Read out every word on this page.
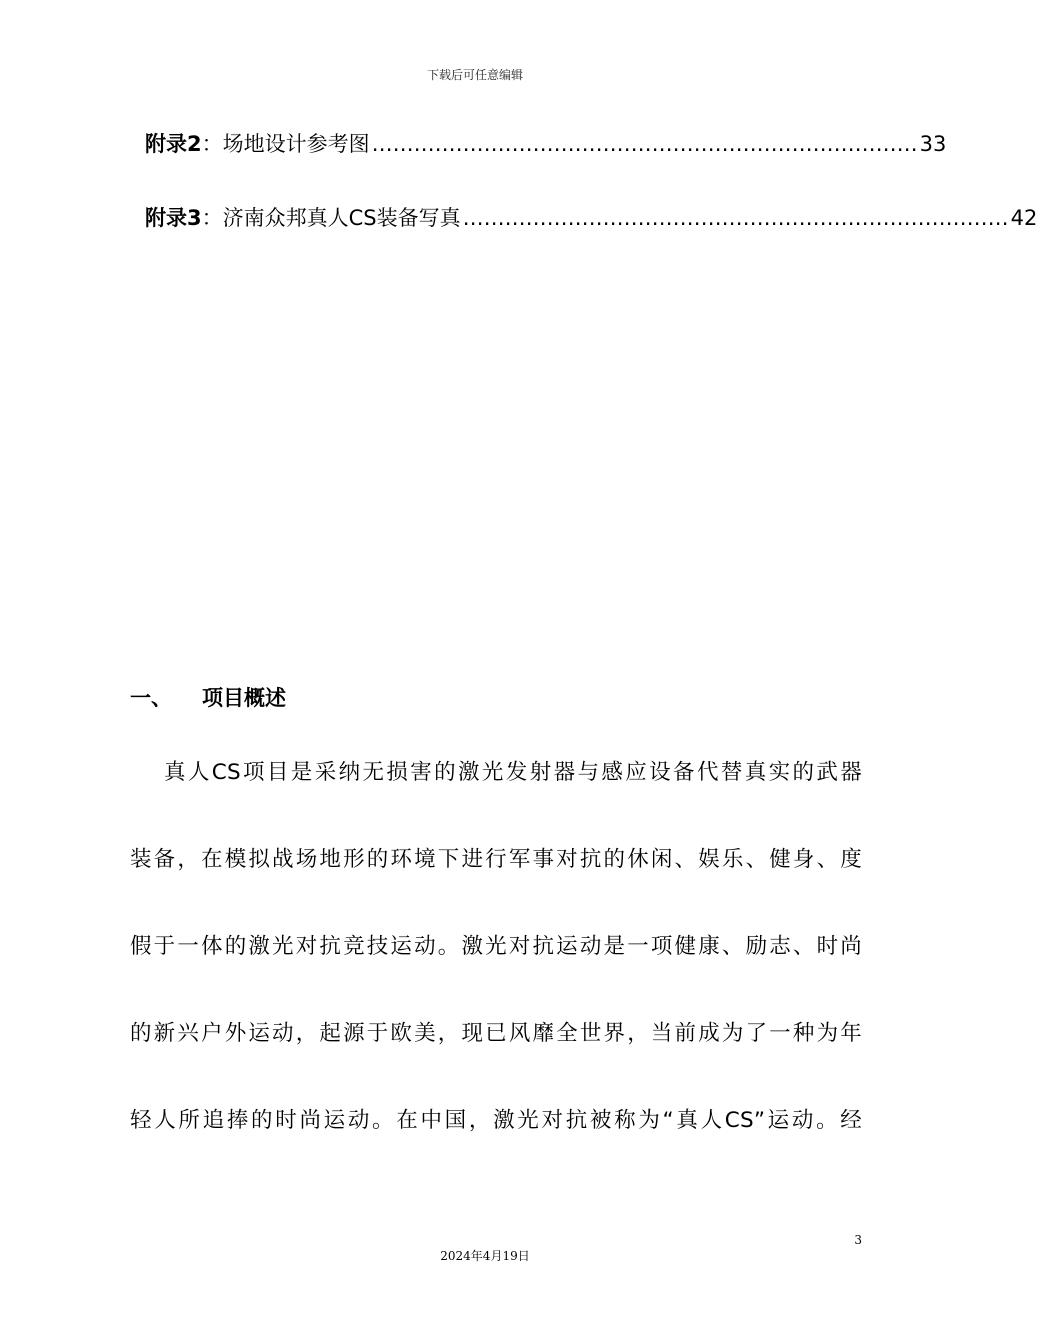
下载后可任意编辑
附录2 ： 场地设计参考图 …………………………………………………………………… 33
附录3 ： 济南众邦真人CS装备写真 …………………………………………………………………… 42
一、	项目概述
真人CS项目是采纳无损害的激光发射器与感应设备代替真实的武器
装备，在模拟战场地形的环境下进行军事对抗的休闲、娱乐、健身、度
假于一体的激光对抗竞技运动。激光对抗运动是一项健康、励志、时尚
的新兴户外运动，起源于欧美，现已风靡全世界，当前成为了一种为年
轻人所追捧的时尚运动。在中国，激光对抗被称为“真人CS”运动。经
3
2024年4月19日
